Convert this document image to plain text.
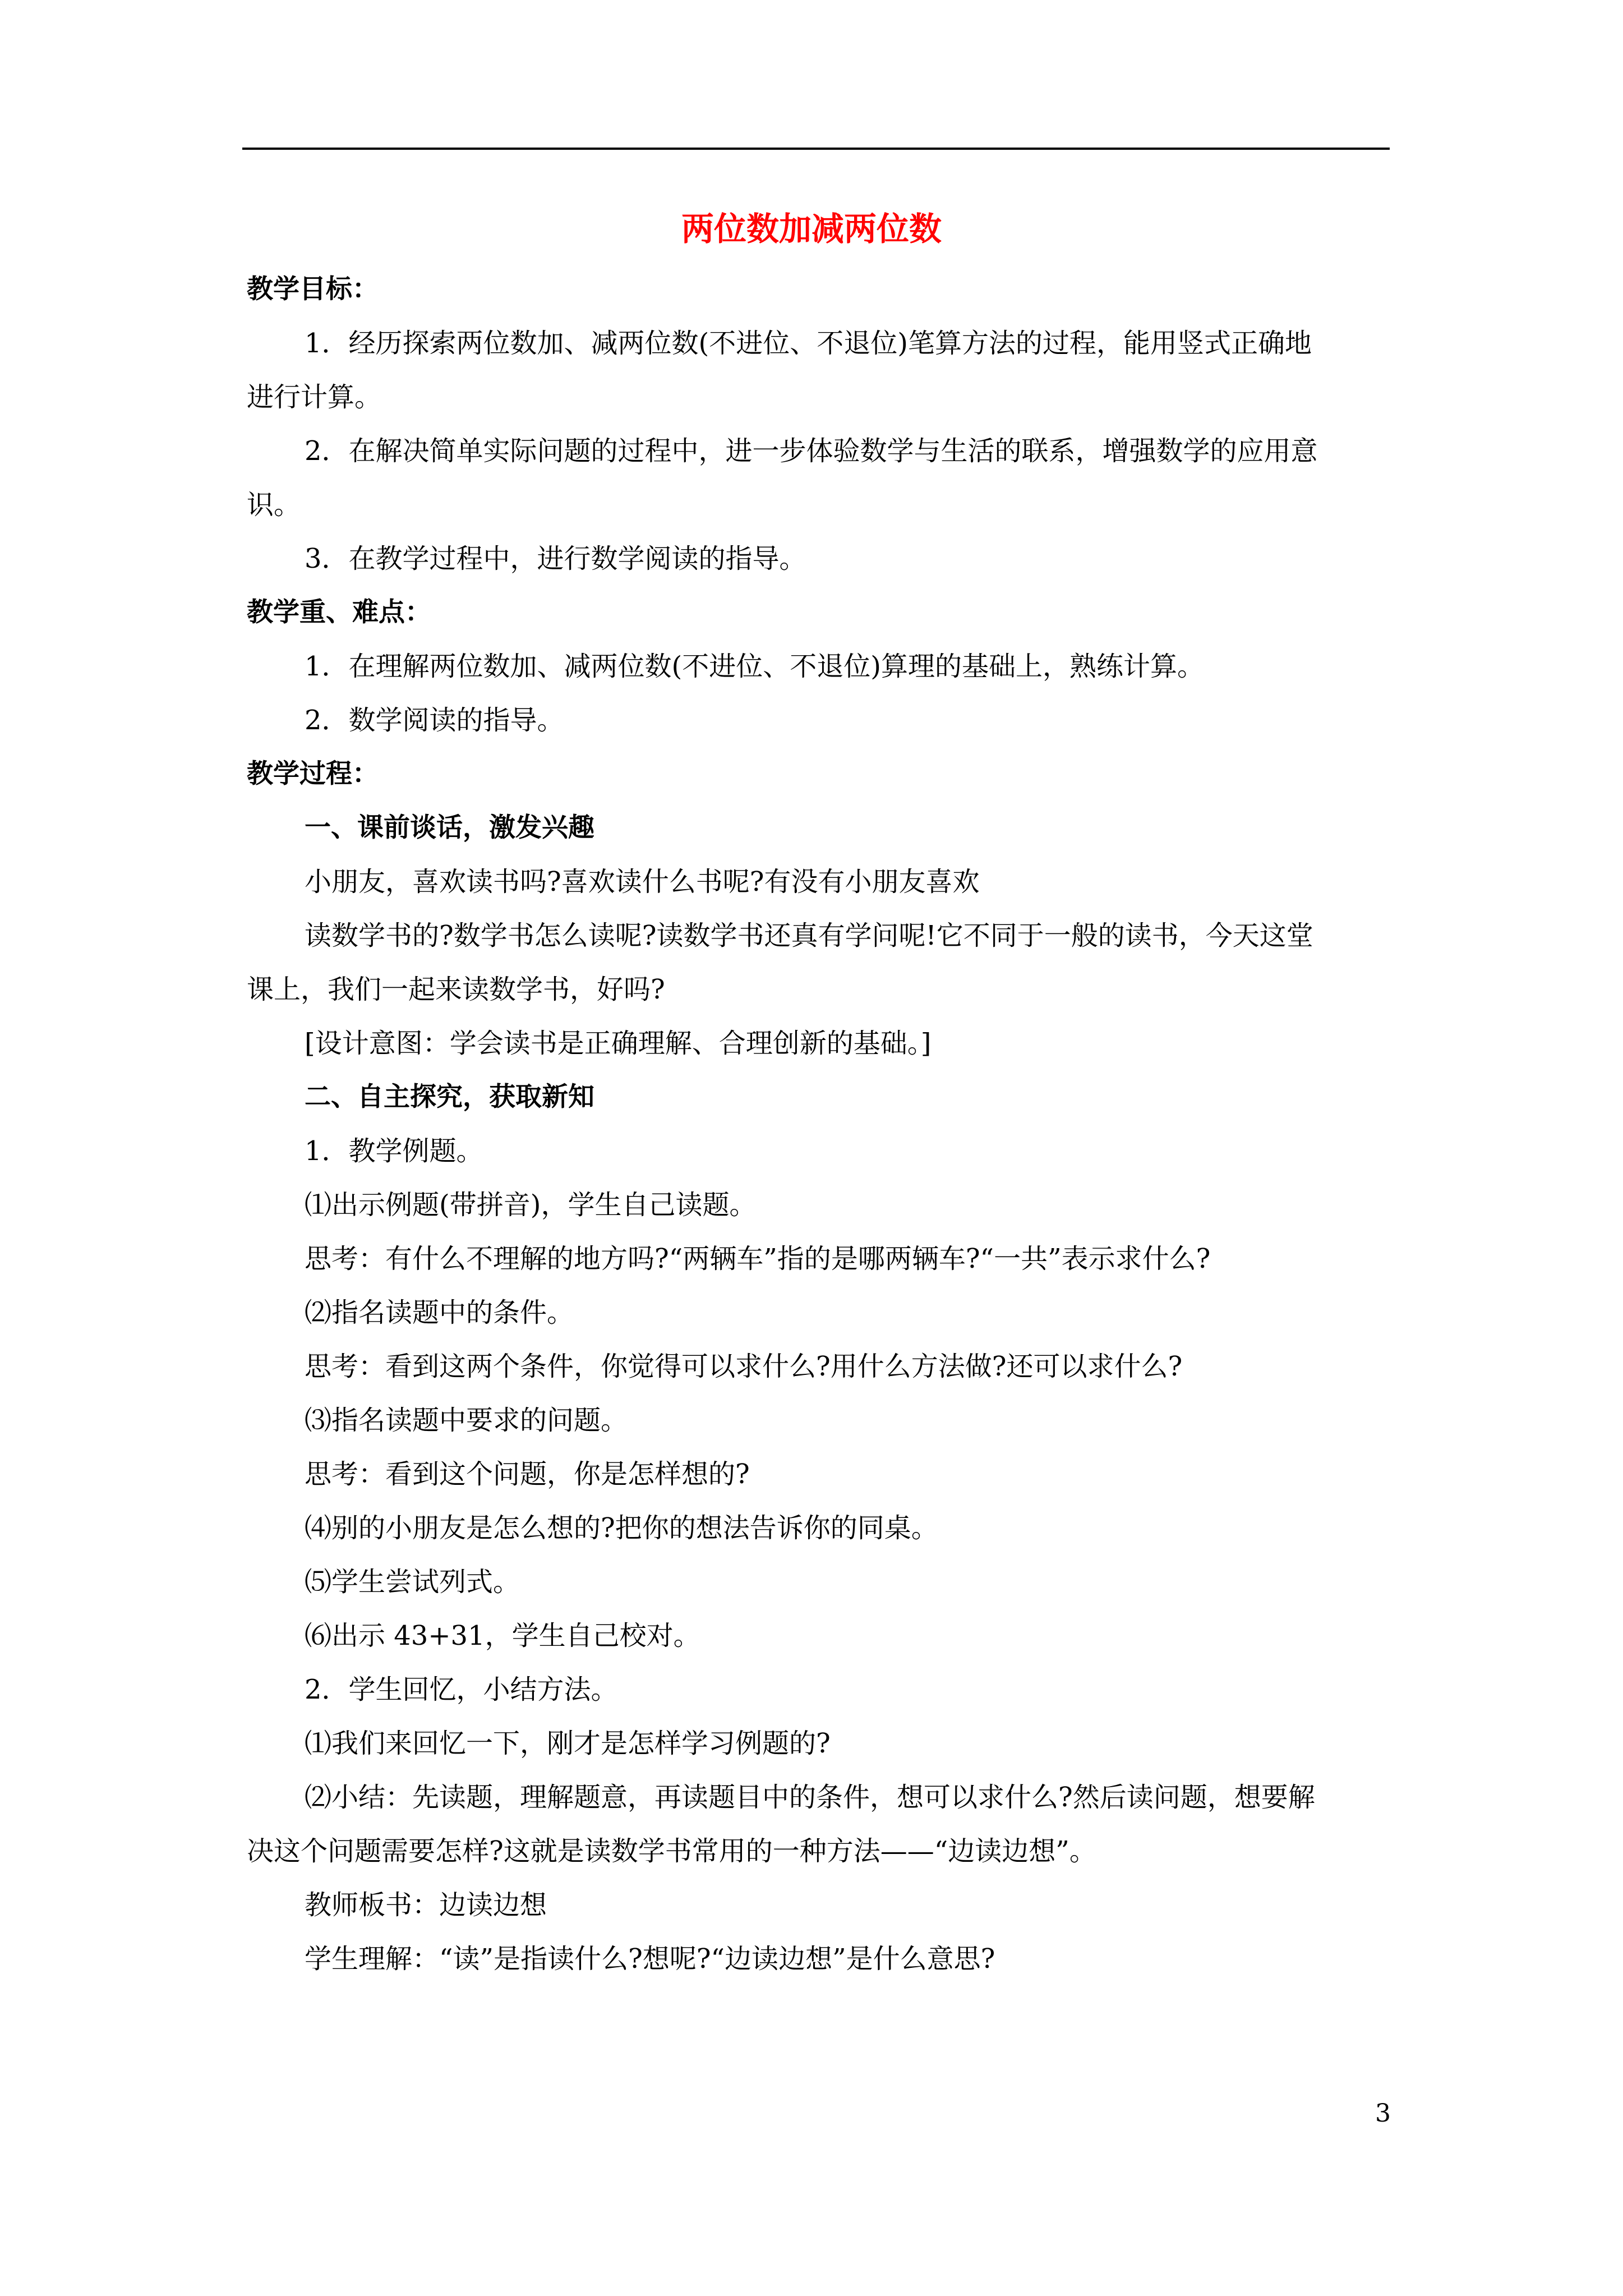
两位数加减两位数

教学目标：

1．经历探索两位数加、减两位数(不进位、不退位)笔算方法的过程，能用竖式正确地

进行计算。

2．在解决简单实际问题的过程中，进一步体验数学与生活的联系，增强数学的应用意

识。

3．在教学过程中，进行数学阅读的指导。

教学重、难点：

1．在理解两位数加、减两位数(不进位、不退位)算理的基础上，熟练计算。

2．数学阅读的指导。

教学过程：

一、课前谈话，激发兴趣

小朋友，喜欢读书吗?喜欢读什么书呢?有没有小朋友喜欢

读数学书的?数学书怎么读呢?读数学书还真有学问呢!它不同于一般的读书，今天这堂

课上，我们一起来读数学书，好吗?

[设计意图：学会读书是正确理解、合理创新的基础。]

二、自主探究，获取新知

1．教学例题。

⑴出示例题(带拼音)，学生自己读题。

思考：有什么不理解的地方吗?“两辆车”指的是哪两辆车?“一共”表示求什么?

⑵指名读题中的条件。

思考：看到这两个条件，你觉得可以求什么?用什么方法做?还可以求什么?

⑶指名读题中要求的问题。

思考：看到这个问题，你是怎样想的?

⑷别的小朋友是怎么想的?把你的想法告诉你的同桌。

⑸学生尝试列式。

⑹出示 43+31，学生自己校对。

2．学生回忆，小结方法。

⑴我们来回忆一下，刚才是怎样学习例题的?

⑵小结：先读题，理解题意，再读题目中的条件，想可以求什么?然后读问题，想要解

决这个问题需要怎样?这就是读数学书常用的一种方法——“边读边想”。

教师板书：边读边想

学生理解：“读”是指读什么?想呢?“边读边想”是什么意思?

3
